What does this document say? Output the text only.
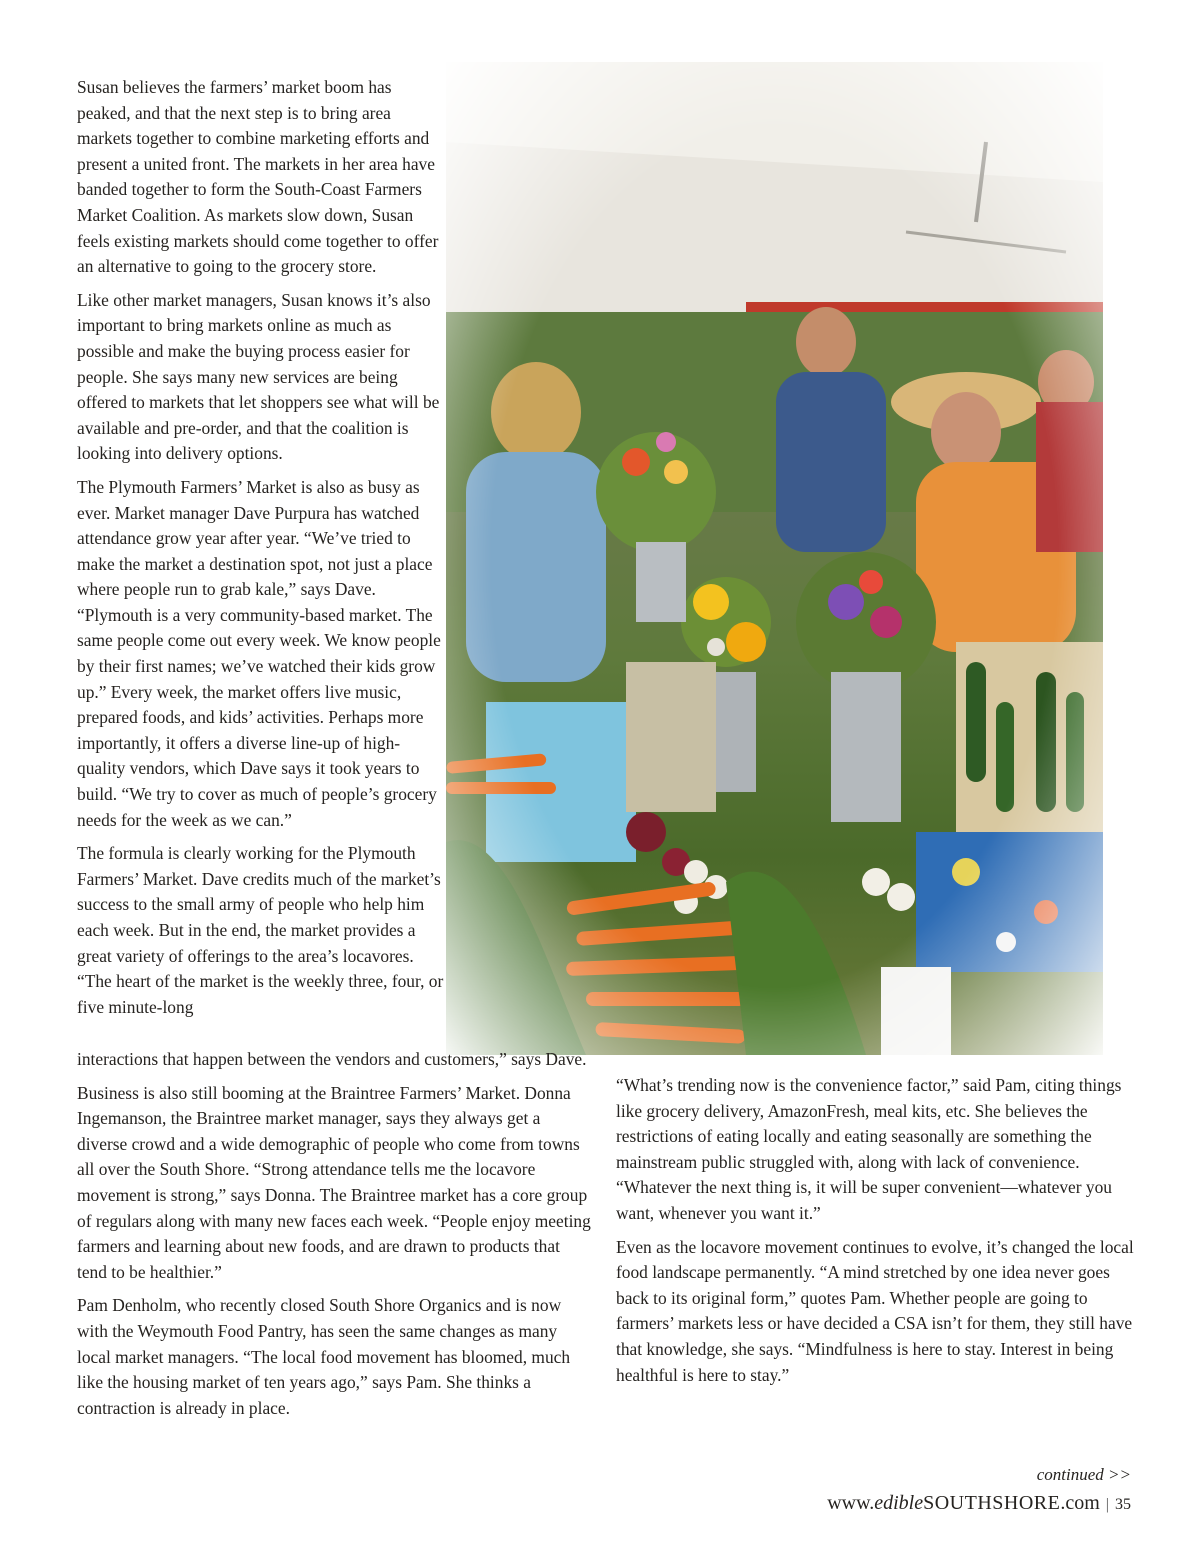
Susan believes the farmers’ market boom has peaked, and that the next step is to bring area markets together to combine marketing efforts and present a united front. The markets in her area have banded together to form the South-Coast Farmers Market Coalition. As markets slow down, Susan feels existing markets should come together to offer an alternative to going to the grocery store.

Like other market managers, Susan knows it’s also important to bring markets online as much as possible and make the buying process easier for people. She says many new services are being offered to markets that let shoppers see what will be available and pre-order, and that the coalition is looking into delivery options.

The Plymouth Farmers’ Market is also as busy as ever. Market manager Dave Purpura has watched attendance grow year after year. “We’ve tried to make the market a destination spot, not just a place where people run to grab kale,” says Dave. “Plymouth is a very community-based market. The same people come out every week. We know people by their first names; we’ve watched their kids grow up.” Every week, the market offers live music, prepared foods, and kids’ activities. Perhaps more importantly, it offers a diverse line-up of high-quality vendors, which Dave says it took years to build. “We try to cover as much of people’s grocery needs for the week as we can.”

The formula is clearly working for the Plymouth Farmers’ Market. Dave credits much of the market’s success to the small army of people who help him each week. But in the end, the market provides a great variety of offerings to the area’s locavores. “The heart of the market is the weekly three, four, or five minute-long

interactions that happen between the vendors and customers,” says Dave.

Business is also still booming at the Braintree Farmers’ Market. Donna Ingemanson, the Braintree market manager, says they always get a diverse crowd and a wide demographic of people who come from towns all over the South Shore. “Strong attendance tells me the locavore movement is strong,” says Donna. The Braintree market has a core group of regulars along with many new faces each week. “People enjoy meeting farmers and learning about new foods, and are drawn to products that tend to be healthier.”

Pam Denholm, who recently closed South Shore Organics and is now with the Weymouth Food Pantry, has seen the same changes as many local market managers. “The local food movement has bloomed, much like the housing market of ten years ago,” says Pam. She thinks a contraction is already in place.

“What’s trending now is the convenience factor,” said Pam, citing things like grocery delivery, AmazonFresh, meal kits, etc. She believes the restrictions of eating locally and eating seasonally are something the mainstream public struggled with, along with lack of convenience. “Whatever the next thing is, it will be super convenient—whatever you want, whenever you want it.”

Even as the locavore movement continues to evolve, it’s changed the local food landscape permanently. “A mind stretched by one idea never goes back to its original form,” quotes Pam. Whether people are going to farmers’ markets less or have decided a CSA isn’t for them, they still have that knowledge, she says. “Mindfulness is here to stay. Interest in being healthful is here to stay.”

continued >>
www.edibleSOUTHSHORE.com | 35
